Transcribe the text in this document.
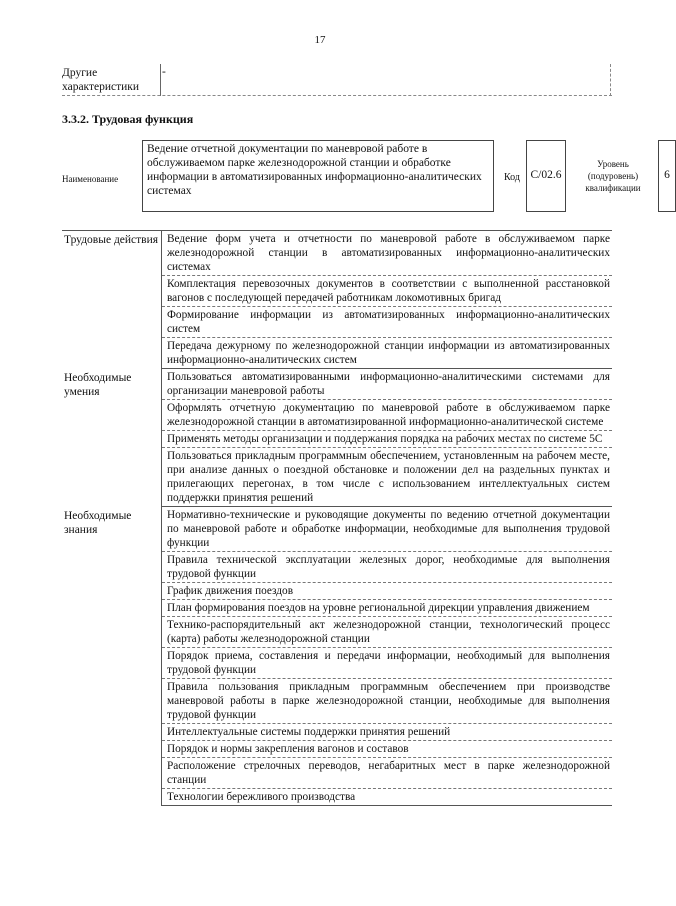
17
Другие характеристики
-
3.3.2. Трудовая функция
Наименование
Ведение отчетной документации по маневровой работе в обслуживаемом парке железнодорожной станции и обработке информации в автоматизированных информационно-аналитических системах
Код С/02.6
Уровень (подуровень) квалификации
6
Трудовые действия Ведение форм учета и отчетности по маневровой работе в обслуживаемом парке железнодорожной станции в автоматизированных информационно-аналитических системах
Комплектация перевозочных документов в соответствии с выполненной расстановкой вагонов с последующей передачей работникам локомотивных бригад
Формирование информации из автоматизированных информационно-аналитических систем
Передача дежурному по железнодорожной станции информации из автоматизированных информационно-аналитических систем
Необходимые умения
Пользоваться автоматизированными информационно-аналитическими системами для организации маневровой работы
Оформлять отчетную документацию по маневровой работе в обслуживаемом парке железнодорожной станции в автоматизированной информационно-аналитической системе
Применять методы организации и поддержания порядка на рабочих местах по системе 5С
Пользоваться прикладным программным обеспечением, установленным на рабочем месте, при анализе данных о поездной обстановке и положении дел на раздельных пунктах и прилегающих перегонах, в том числе с использованием интеллектуальных систем поддержки принятия решений
Необходимые знания
Нормативно-технические и руководящие документы по ведению отчетной документации по маневровой работе и обработке информации, необходимые для выполнения трудовой функции
Правила технической эксплуатации железных дорог, необходимые для выполнения трудовой функции
График движения поездов
План формирования поездов на уровне региональной дирекции управления движением
Технико-распорядительный акт железнодорожной станции, технологический процесс (карта) работы железнодорожной станции
Порядок приема, составления и передачи информации, необходимый для выполнения трудовой функции
Правила пользования прикладным программным обеспечением при производстве маневровой работы в парке железнодорожной станции, необходимые для выполнения трудовой функции
Интеллектуальные системы поддержки принятия решений
Порядок и нормы закрепления вагонов и составов
Расположение стрелочных переводов, негабаритных мест в парке железнодорожной станции
Технологии бережливого производства
